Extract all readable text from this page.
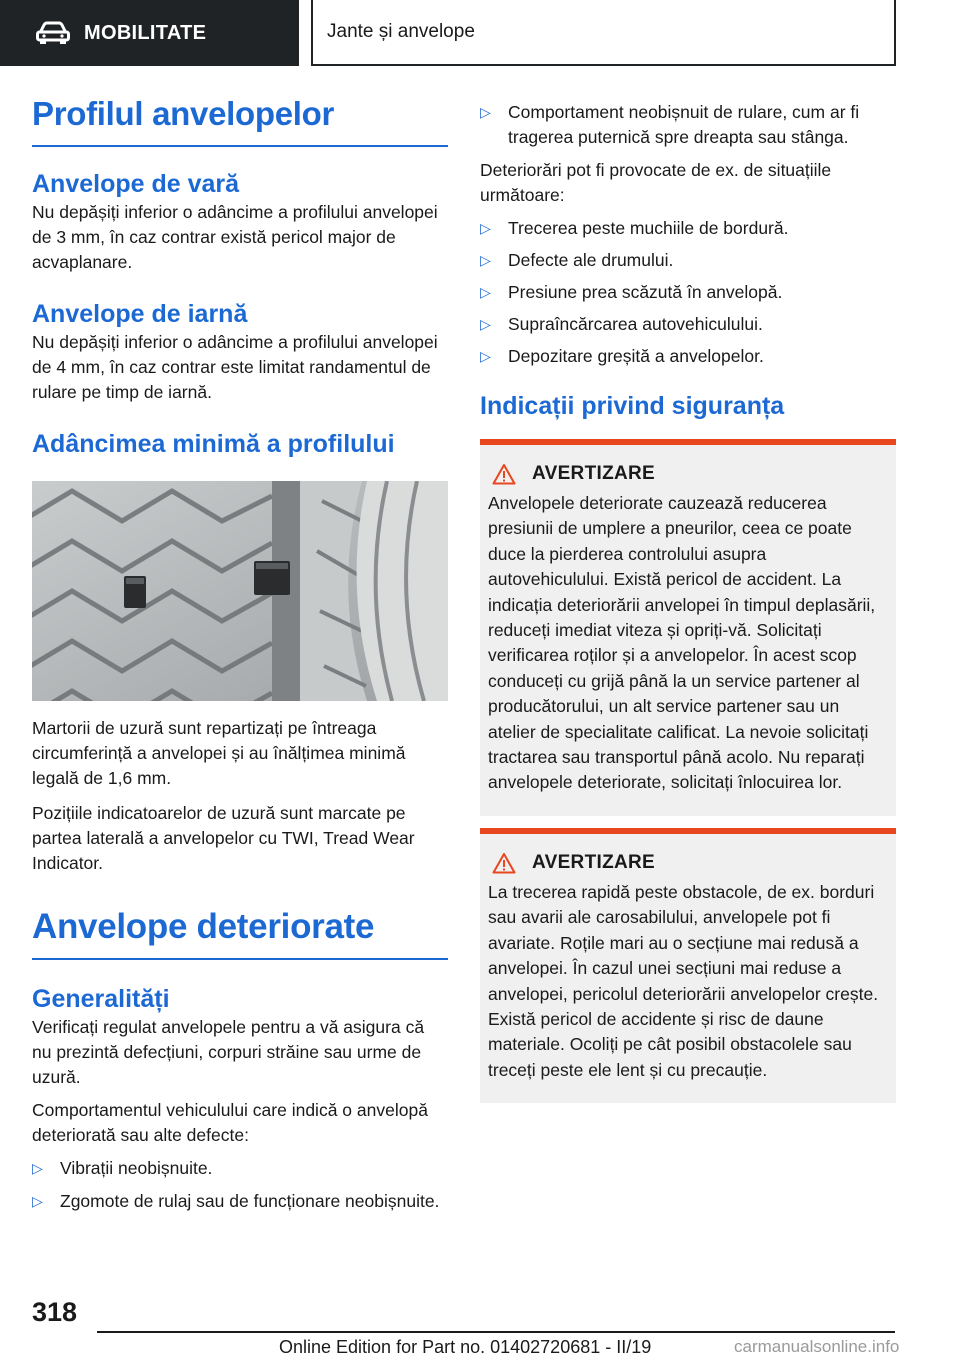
MOBILITATE	Jante și anvelope
Profilul anvelopelor
Anvelope de vară

Nu depășiți inferior o adâncime a profilului anvelopei de 3 mm, în caz contrar există pericol major de acvaplanare.

Anvelope de iarnă

Nu depășiți inferior o adâncime a profilului anvelopei de 4 mm, în caz contrar este limitat randamentul de rulare pe timp de iarnă.

Adâncimea minimă a profilului

Martorii de uzură sunt repartizați pe întreaga circumferință a anvelopei și au înălțimea minimă legală de 1,6 mm.

Pozițiile indicatoarelor de uzură sunt marcate pe partea laterală a anvelopelor cu TWI, Tread Wear Indicator.

Anvelope deteriorate
Generalități

Verificați regulat anvelopele pentru a vă asigura că nu prezintă defecțiuni, corpuri străine sau urme de uzură.

Comportamentul vehiculului care indică o anvelopă deteriorată sau alte defecte:

▷ Vibrații neobișnuite.
▷ Zgomote de rulaj sau de funcționare neobișnuite.
▷ Comportament neobișnuit de rulare, cum ar fi tragerea puternică spre dreapta sau stânga.

Deteriorări pot fi provocate de ex. de situațiile următoare:

▷ Trecerea peste muchiile de bordură.
▷ Defecte ale drumului.
▷ Presiune prea scăzută în anvelopă.
▷ Supraîncărcarea autovehiculului.
▷ Depozitare greșită a anvelopelor.
Indicații privind siguranța
AVERTIZARE

Anvelopele deteriorate cauzează reducerea presiunii de umplere a pneurilor, ceea ce poate duce la pierderea controlului asupra autovehiculului. Există pericol de accident. La indicația deteriorării anvelopei în timpul deplasării, reduceți imediat viteza și opriți-vă. Solicitați verificarea roților și a anvelopelor. În acest scop conduceți cu grijă până la un service partener al producătorului, un alt service partener sau un atelier de specialitate calificat. La nevoie solicitați tractarea sau transportul până acolo. Nu reparați anvelopele deteriorate, solicitați înlocuirea lor.

AVERTIZARE

La trecerea rapidă peste obstacole, de ex. borduri sau avarii ale carosabilului, anvelopele pot fi avariate. Roțile mari au o secțiune mai redusă a anvelopei. În cazul unei secțiuni mai reduse a anvelopei, pericolul deteriorării anvelopelor crește. Există pericol de accidente și risc de daune materiale. Ocoliți pe cât posibil obstacolele sau treceți peste ele lent și cu precauție.

318
Online Edition for Part no. 01402720681 - II/19	carmanualsonline.info
